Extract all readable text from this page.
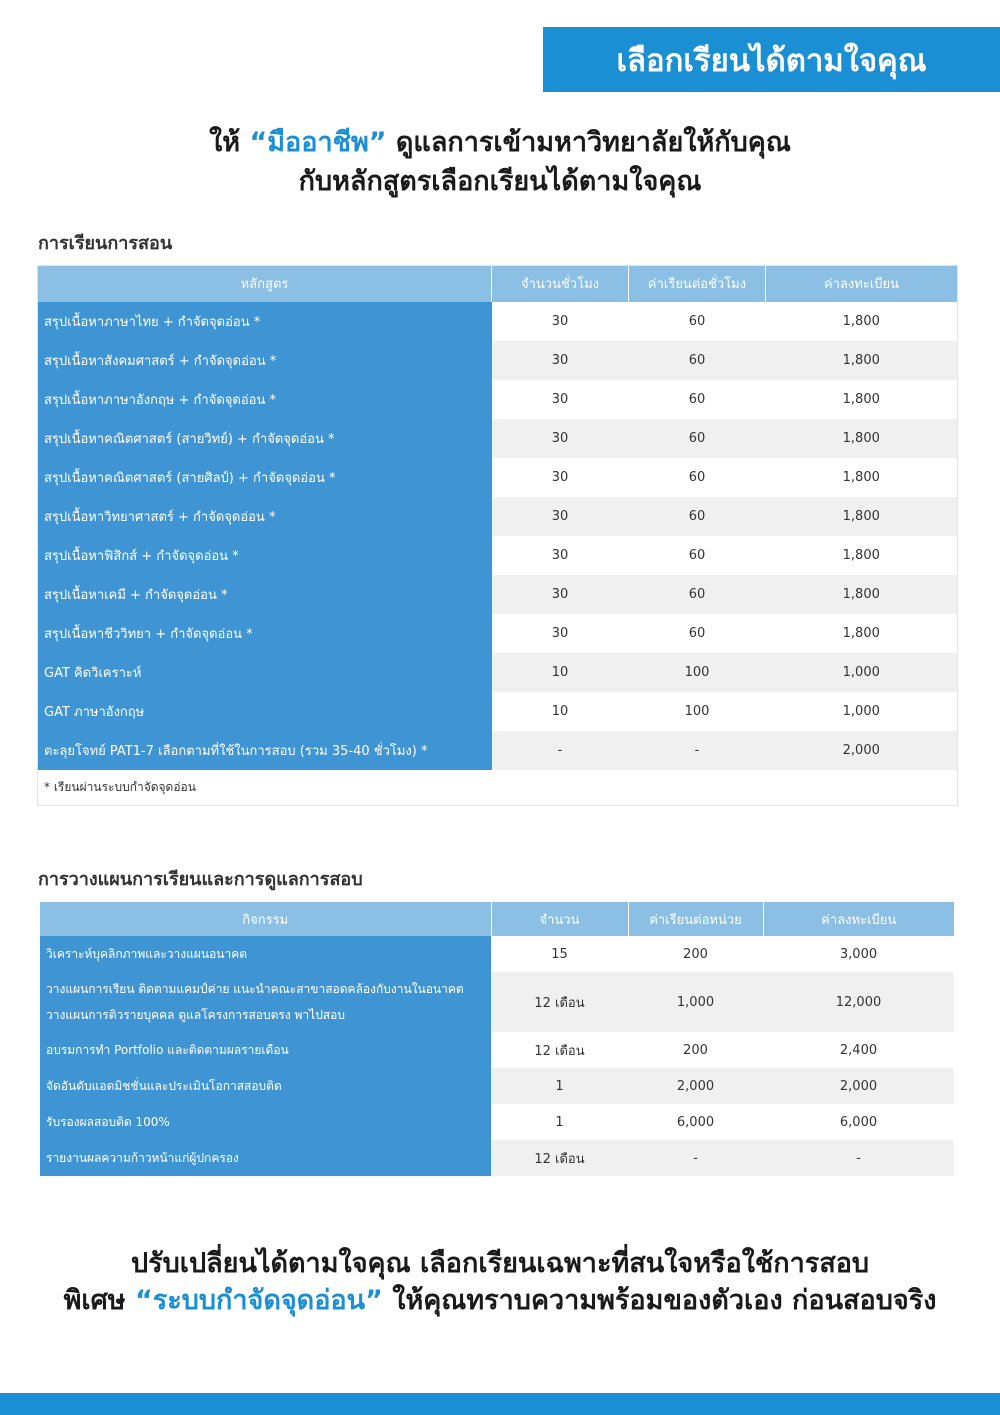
เลือกเรียนได้ตามใจคุณ
ให้ “มืออาชีพ” ดูแลการเข้ามหาวิทยาลัยให้กับคุณ
กับหลักสูตรเลือกเรียนได้ตามใจคุณ
การเรียนการสอน
หลักสูตร	จำนวนชั่วโมง	ค่าเรียนต่อชั่วโมง	ค่าลงทะเบียน
สรุปเนื้อหาภาษาไทย + กำจัดจุดอ่อน *	30	60	1,800
สรุปเนื้อหาสังคมศาสตร์ + กำจัดจุดอ่อน *	30	60	1,800
สรุปเนื้อหาภาษาอังกฤษ + กำจัดจุดอ่อน *	30	60	1,800
สรุปเนื้อหาคณิตศาสตร์ (สายวิทย์) + กำจัดจุดอ่อน *	30	60	1,800
สรุปเนื้อหาคณิตศาสตร์ (สายศิลป์) + กำจัดจุดอ่อน *	30	60	1,800
สรุปเนื้อหาวิทยาศาสตร์ + กำจัดจุดอ่อน *	30	60	1,800
สรุปเนื้อหาฟิสิกส์ + กำจัดจุดอ่อน *	30	60	1,800
สรุปเนื้อหาเคมี + กำจัดจุดอ่อน *	30	60	1,800
สรุปเนื้อหาชีววิทยา + กำจัดจุดอ่อน *	30	60	1,800
GAT คิดวิเคราะห์	10	100	1,000
GAT ภาษาอังกฤษ	10	100	1,000
ตะลุยโจทย์ PAT1-7 เลือกตามที่ใช้ในการสอบ (รวม 35-40 ชั่วโมง) *	-	-	2,000
* เรียนผ่านระบบกำจัดจุดอ่อน			
การวางแผนการเรียนและการดูแลการสอบ
กิจกรรม	จำนวน	ค่าเรียนต่อหน่วย	ค่าลงทะเบียน

วิเคราะห์บุคลิกภาพและวางแผนอนาคต	15	200	3,000

วางแผนการเรียน ติดตามแคมป์ค่าย แนะนำคณะสาขาสอดคล้องกับงานในอนาคต
วางแผนการติวรายบุคคล ดูแลโครงการสอบตรง พาไปสอบ	12 เดือน	1,000	12,000

อบรมการทำ Portfolio และติดตามผลรายเดือน	12 เดือน	200	2,400

จัดอันดับแอดมิชชั่นและประเมินโอกาสสอบติด	1	2,000	2,000

รับรองผลสอบติด 100%	1	6,000	6,000

รายงานผลความก้าวหน้าแก่ผู้ปกครอง	12 เดือน	-	-
ปรับเปลี่ยนได้ตามใจคุณ เลือกเรียนเฉพาะที่สนใจหรือใช้การสอบ
พิเศษ “ระบบกำจัดจุดอ่อน” ให้คุณทราบความพร้อมของตัวเอง ก่อนสอบจริง
